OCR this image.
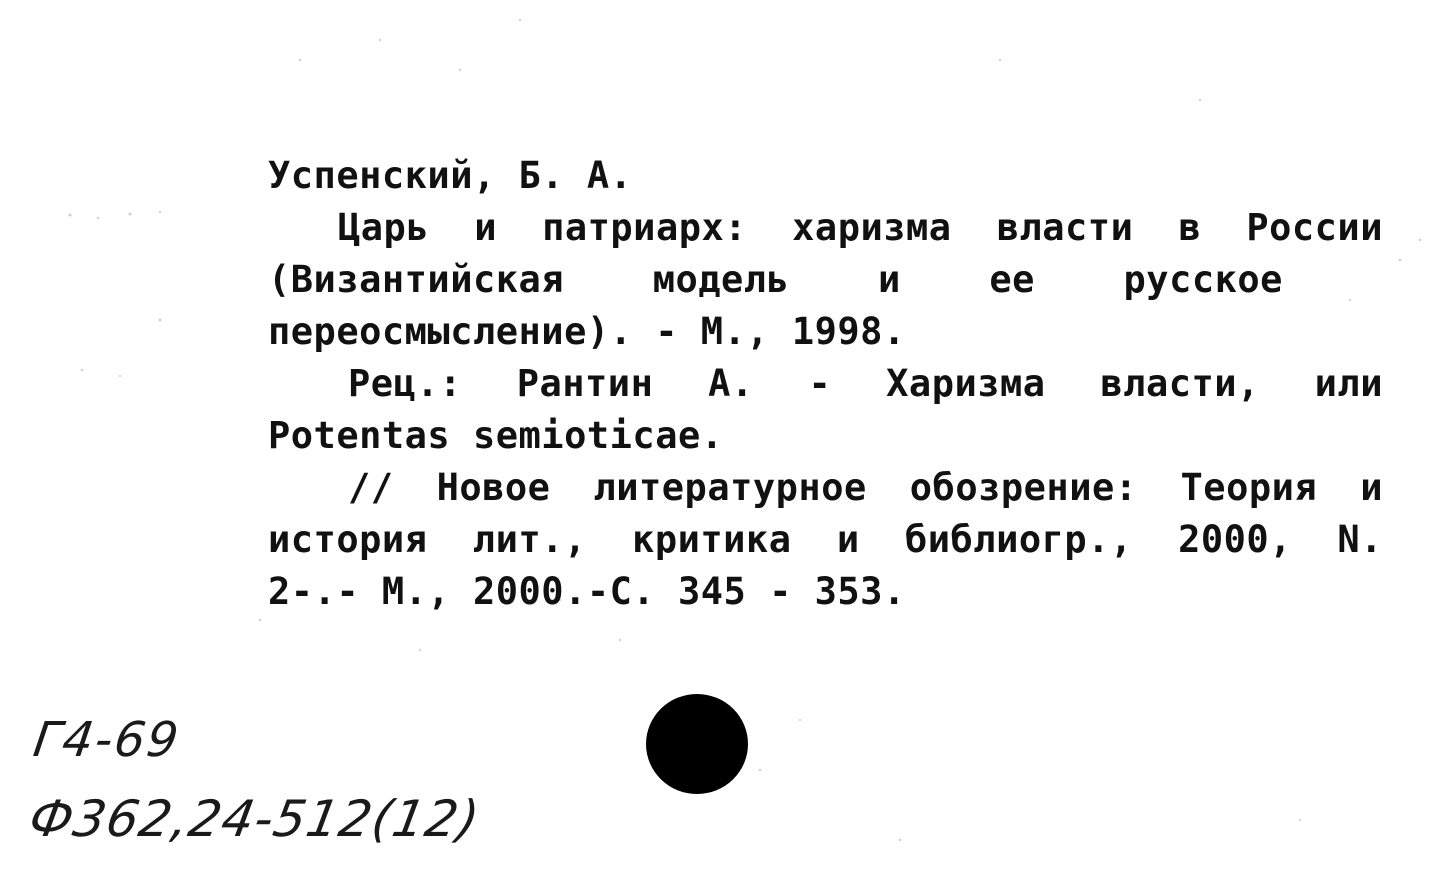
Успенский, Б. А.
Царь и патриарх: харизма власти в России
(Византийская модель и ее русское
переосмысление). - М., 1998.
Рец.: Рантин А. - Харизма власти, или
Potentas semioticae.
// Новое литературное обозрение: Теория и
история лит., критика и библиогр., 2000, N.
2-.- М., 2000.-С. 345 - 353.
Г4-69
Ф362,24-512(12)
